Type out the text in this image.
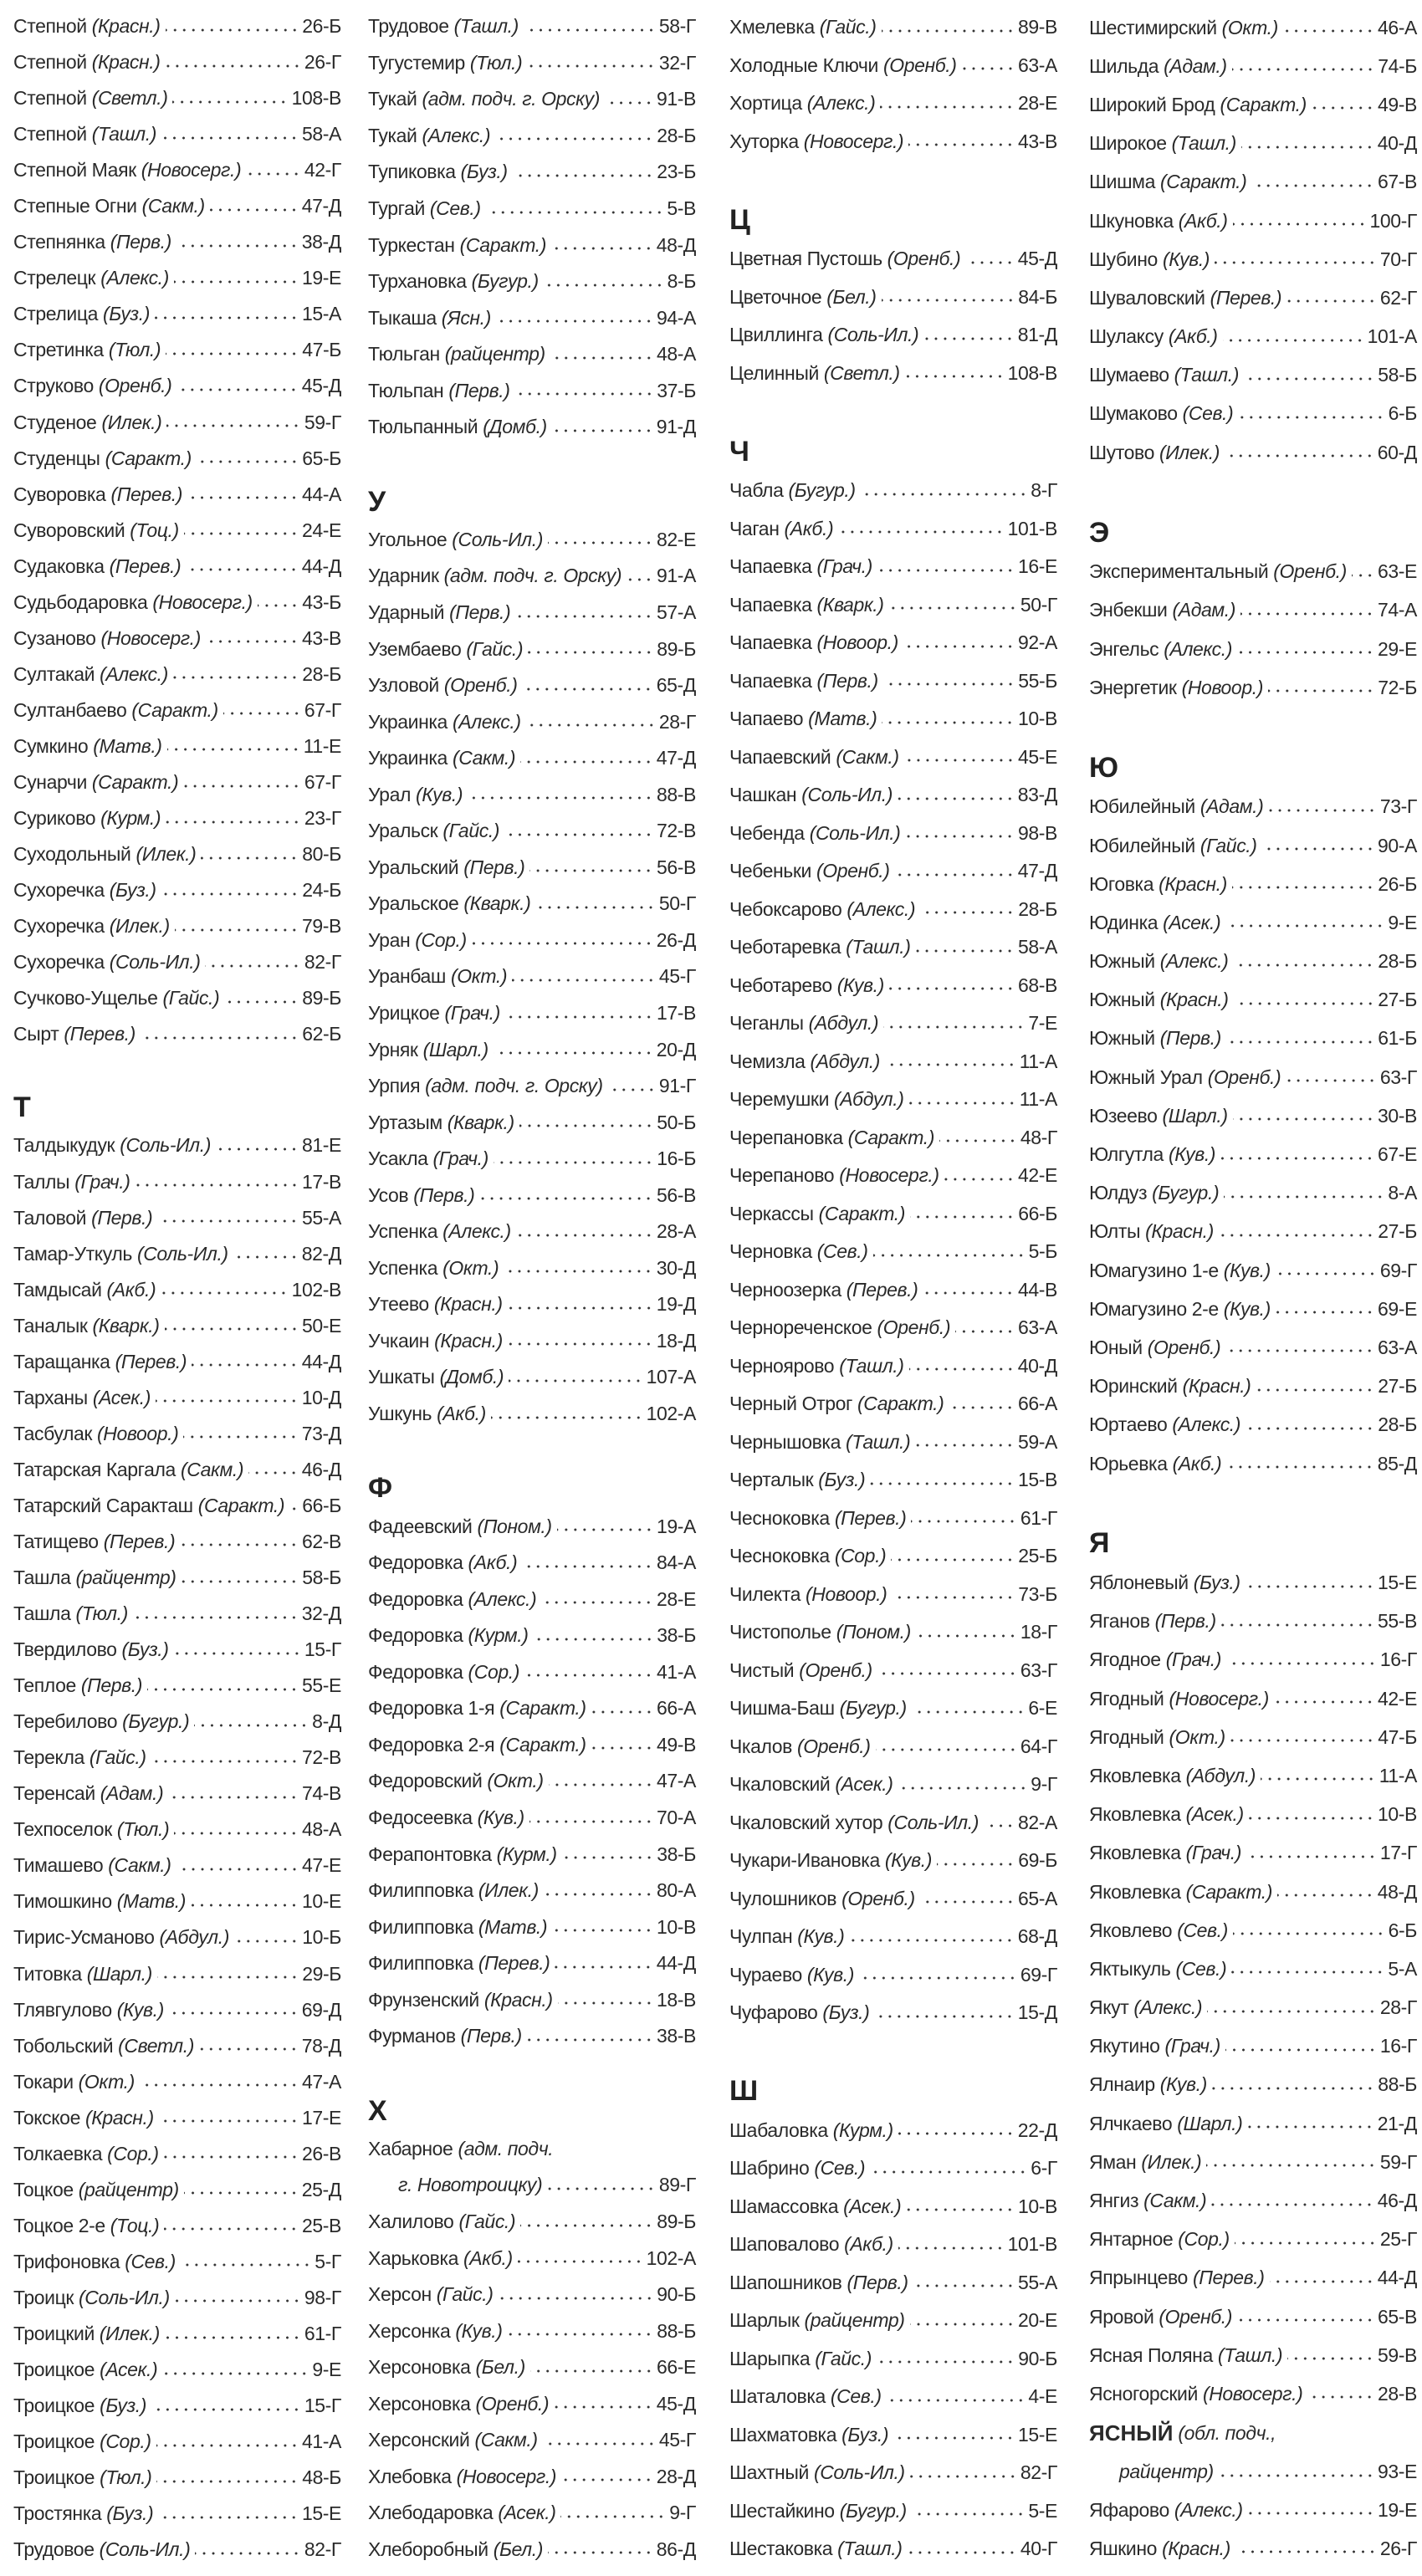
Степной (Красн.)	26-Б
Степной (Красн.)	26-Г
Степной (Светл.)	108-В
Степной (Ташл.)	58-А
Степной Маяк (Новосерг.)	42-Г
Степные Огни (Сакм.)	47-Д
Степнянка (Перв.)	38-Д
Стрелецк (Алекс.)	19-Е
Стрелица (Буз.)	15-А
Стретинка (Тюл.)	47-Б
Струково (Оренб.)	45-Д
Студеное (Илек.)	59-Г
Студенцы (Саракт.)	65-Б
Суворовка (Перев.)	44-А
Суворовский (Тоц.)	24-Е
Судаковка (Перев.)	44-Д
Судьбодаровка (Новосерг.)	43-Б
Сузаново (Новосерг.)	43-В
Султакай (Алекс.)	28-Б
Султанбаево (Саракт.)	67-Г
Сумкино (Матв.)	11-Е
Сунарчи (Саракт.)	67-Г
Суриково (Курм.)	23-Г
Суходольный (Илек.)	80-Б
Сухоречка (Буз.)	24-Б
Сухоречка (Илек.)	79-В
Сухоречка (Соль-Ил.)	82-Г
Сучково-Ущелье (Гайс.)	89-Б
Сырт (Перев.)	62-Б
Т
Талдыкудук (Соль-Ил.)	81-Е
Таллы (Грач.)	17-В
Таловой (Перв.)	55-А
Тамар-Уткуль (Соль-Ил.)	82-Д
Тамдысай (Акб.)	102-В
Таналык (Кварк.)	50-Е
Таращанка (Перев.)	44-Д
Тарханы (Асек.)	10-Д
Тасбулак (Новоор.)	73-Д
Татарская Каргала (Сакм.)	46-Д
Татарский Саракташ (Саракт.) 66-Б
Татищево (Перев.)	62-В
Ташла (райцентр)	58-Б
Ташла (Тюл.)	32-Д
Твердилово (Буз.)	15-Г
Теплое (Перв.)	55-Е
Теребилово (Бугур.)	8-Д
Терекла (Гайс.)	72-В
Теренсай (Адам.)	74-В
Техпоселок (Тюл.)	48-А
Тимашево (Сакм.)	47-Е
Тимошкино (Матв.)	10-Е
Тирис-Усманово (Абдул.)	10-Б
Титовка (Шарл.)	29-Б
Тлявгулово (Кув.)	69-Д
Тобольский (Светл.)	78-Д
Токари (Окт.)	47-А
Токское (Красн.)	17-Е
Толкаевка (Сор.)	26-В
Тоцкое (райцентр)	25-Д
Тоцкое 2-е (Тоц.)	25-В
Трифоновка (Сев.)	5-Г
Троицк (Соль-Ил.)	98-Г
Троицкий (Илек.)	61-Г
Троицкое (Асек.)	9-Е
Троицкое (Буз.)	15-Г
Троицкое (Сор.)	41-А
Троицкое (Тюл.)	48-Б
Тростянка (Буз.)	15-Е
Трудовое (Соль-Ил.)	82-Г
Трудовое (Ташл.)	58-Г
Тугустемир (Тюл.)	32-Г
Тукай (адм. подч. г. Орску)	91-В
Тукай (Алекс.)	28-Б
Тупиковка (Буз.)	23-Б
Тургай (Сев.)	5-В
Туркестан (Саракт.)	48-Д
Турхановка (Бугур.)	8-Б
Тыкаша (Ясн.)	94-А
Тюльган (райцентр)	48-А
Тюльпан (Перв.)	37-Б
Тюльпанный (Домб.)	91-Д
У
Угольное (Соль-Ил.)	82-Е
Ударник (адм. подч. г. Орску) 91-А
Ударный (Перв.)	57-А
Узембаево (Гайс.)	89-Б
Узловой (Оренб.)	65-Д
Украинка (Алекс.)	28-Г
Украинка (Сакм.)	47-Д
Урал (Кув.)	88-В
Уральск (Гайс.)	72-В
Уральский (Перв.)	56-В
Уральское (Кварк.)	50-Г
Уран (Сор.)	26-Д
Уранбаш (Окт.)	45-Г
Урицкое (Грач.)	17-В
Урняк (Шарл.)	20-Д
Урпия (адм. подч. г. Орску)	91-Г
Уртазым (Кварк.)	50-Б
Усакла (Грач.)	16-Б
Усов (Перв.)	56-В
Успенка (Алекс.)	28-А
Успенка (Окт.)	30-Д
Утеево (Красн.)	19-Д
Учкаин (Красн.)	18-Д
Ушкаты (Домб.)	107-А
Ушкунь (Акб.)	102-А
Ф
Фадеевский (Поном.)	19-А
Федоровка (Акб.)	84-А
Федоровка (Алекс.)	28-Е
Федоровка (Курм.)	38-Б
Федоровка (Сор.)	41-А
Федоровка 1-я (Саракт.)	66-А
Федоровка 2-я (Саракт.)	49-В
Федоровский (Окт.)	47-А
Федосеевка (Кув.)	70-А
Ферапонтовка (Курм.)	38-Б
Филипповка (Илек.)	80-А
Филипповка (Матв.)	10-В
Филипповка (Перев.)	44-Д
Фрунзенский (Красн.)	18-В
Фурманов (Перв.)	38-В
Х
Хабарное (адм. подч.
г. Новотроицку)	89-Г
Халилово (Гайс.)	89-Б
Харьковка (Акб.)	102-А
Херсон (Гайс.)	90-Б
Херсонка (Кув.)	88-Б
Херсоновка (Бел.)	66-Е
Херсоновка (Оренб.)	45-Д
Херсонский (Сакм.)	45-Г
Хлебовка (Новосерг.)	28-Д
Хлебодаровка (Асек.)	9-Г
Хлеборобный (Бел.)	86-Д
Хмелевка (Гайс.)	89-В
Холодные Ключи (Оренб.)	63-А
Хортица (Алекс.)	28-Е
Хуторка (Новосерг.)	43-В
Ц
Цветная Пустошь (Оренб.)	45-Д
Цветочное (Бел.)	84-Б
Цвиллинга (Соль-Ил.)	81-Д
Целинный (Светл.)	108-В
Ч
Чабла (Бугур.)	8-Г
Чаган (Акб.)	101-В
Чапаевка (Грач.)	16-Е
Чапаевка (Кварк.)	50-Г
Чапаевка (Новоор.)	92-А
Чапаевка (Перв.)	55-Б
Чапаево (Матв.)	10-В
Чапаевский (Сакм.)	45-Е
Чашкан (Соль-Ил.)	83-Д
Чебенда (Соль-Ил.)	98-В
Чебеньки (Оренб.)	47-Д
Чебоксарово (Алекс.)	28-Б
Чеботаревка (Ташл.)	58-А
Чеботарево (Кув.)	68-В
Чеганлы (Абдул.)	7-Е
Чемизла (Абдул.)	11-А
Черемушки (Абдул.)	11-А
Черепановка (Саракт.)	48-Г
Черепаново (Новосерг.)	42-Е
Черкассы (Саракт.)	66-Б
Черновка (Сев.)	5-Б
Черноозерка (Перев.)	44-В
Чернореченское (Оренб.)	63-А
Черноярово (Ташл.)	40-Д
Черный Отрог (Саракт.)	66-А
Чернышовка (Ташл.)	59-А
Черталык (Буз.)	15-В
Чесноковка (Перев.)	61-Г
Чесноковка (Сор.)	25-Б
Чилекта (Новоор.)	73-Б
Чистополье (Поном.)	18-Г
Чистый (Оренб.)	63-Г
Чишма-Баш (Бугур.)	6-Е
Чкалов (Оренб.)	64-Г
Чкаловский (Асек.)	9-Г
Чкаловский хутор (Соль-Ил.) 82-А
Чукари-Ивановка (Кув.)	69-Б
Чулошников (Оренб.)	65-А
Чулпан (Кув.)	68-Д
Чураево (Кув.)	69-Г
Чуфарово (Буз.)	15-Д
Ш
Шабаловка (Курм.)	22-Д
Шабрино (Сев.)	6-Г
Шамассовка (Асек.)	10-В
Шаповалово (Акб.)	101-В
Шапошников (Перв.)	55-А
Шарлык (райцентр)	20-Е
Шарыпка (Гайс.)	90-Б
Шаталовка (Сев.)	4-Е
Шахматовка (Буз.)	15-Е
Шахтный (Соль-Ил.)	82-Г
Шестайкино (Бугур.)	5-Е
Шестаковка (Ташл.)	40-Г
Шестимирский (Окт.)	46-А
Шильда (Адам.)	74-Б
Широкий Брод (Саракт.)	49-В
Широкое (Ташл.)	40-Д
Шишма (Саракт.)	67-В
Шкуновка (Акб.)	100-Г
Шубино (Кув.)	70-Г
Шуваловский (Перев.)	62-Г
Шулаксу (Акб.)	101-А
Шумаево (Ташл.)	58-Б
Шумаково (Сев.)	6-Б
Шутово (Илек.)	60-Д
Э
Экспериментальный (Оренб.) 63-Е
Энбекши (Адам.)	74-А
Энгельс (Алекс.)	29-Е
Энергетик (Новоор.)	72-Б
Ю
Юбилейный (Адам.)	73-Г
Юбилейный (Гайс.)	90-А
Юговка (Красн.)	26-Б
Юдинка (Асек.)	9-Е
Южный (Алекс.)	28-Б
Южный (Красн.)	27-Б
Южный (Перв.)	61-Б
Южный Урал (Оренб.)	63-Г
Юзеево (Шарл.)	30-В
Юлгутла (Кув.)	67-Е
Юлдуз (Бугур.)	8-А
Юлты (Красн.)	27-Б
Юмагузино 1-е (Кув.)	69-Г
Юмагузино 2-е (Кув.)	69-Е
Юный (Оренб.)	63-А
Юринский (Красн.)	27-Б
Юртаево (Алекс.)	28-Б
Юрьевка (Акб.)	85-Д
Я
Яблоневый (Буз.)	15-Е
Яганов (Перв.)	55-В
Ягодное (Грач.)	16-Г
Ягодный (Новосерг.)	42-Е
Ягодный (Окт.)	47-Б
Яковлевка (Абдул.)	11-А
Яковлевка (Асек.)	10-В
Яковлевка (Грач.)	17-Г
Яковлевка (Саракт.)	48-Д
Яковлево (Сев.)	6-Б
Яктыкуль (Сев.)	5-А
Якут (Алекс.)	28-Г
Якутино (Грач.)	16-Г
Ялнаир (Кув.)	88-Б
Ялчкаево (Шарл.)	21-Д
Яман (Илек.)	59-Г
Янгиз (Сакм.)	46-Д
Янтарное (Сор.)	25-Г
Япрынцево (Перев.)	44-Д
Яровой (Оренб.)	65-В
Ясная Поляна (Ташл.)	59-В
Ясногорский (Новосерг.)	28-В
ЯСНЫЙ (обл. подч.,
райцентр)	93-Е
Яфарово (Алекс.)	19-Е
Яшкино (Красн.)	26-Г
